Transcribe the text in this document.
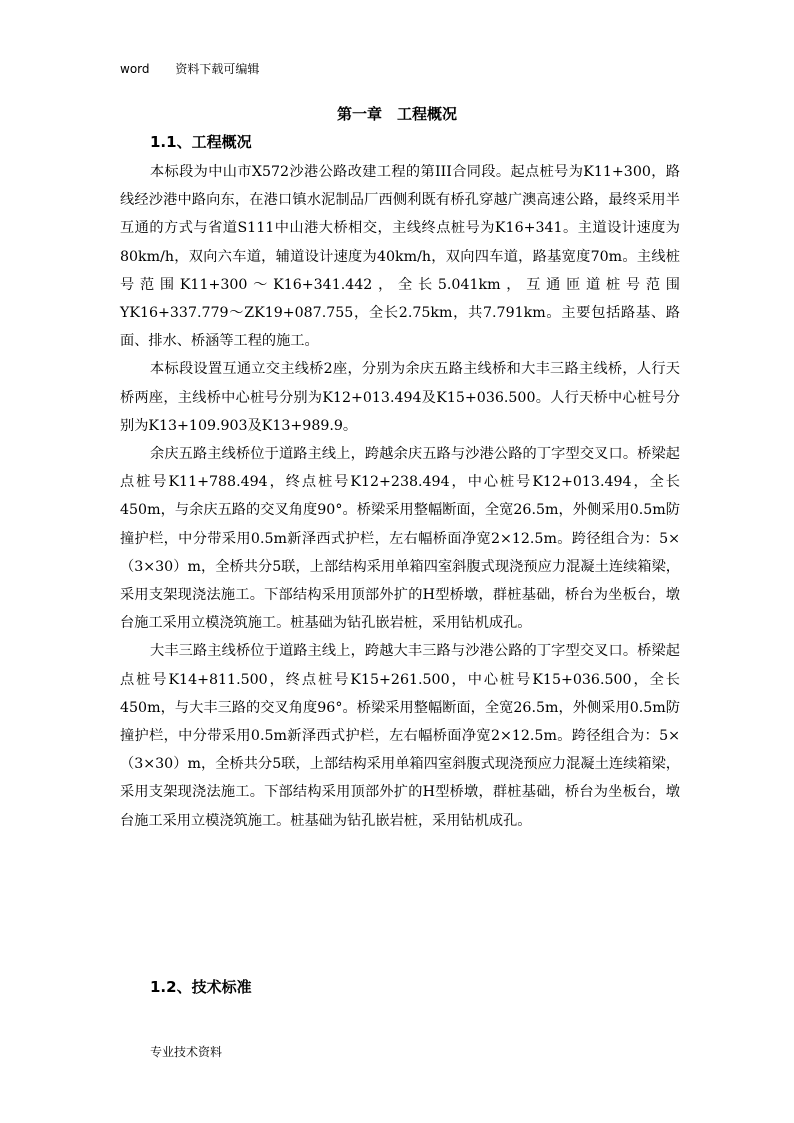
word 资料下载可编辑
第一章　工程概况
1.1、工程概况

本标段为中山市X572沙港公路改建工程的第III合同段。起点桩号为K11+300，路线经沙港中路向东，在港口镇水泥制品厂西侧利既有桥孔穿越广澳高速公路，最终采用半互通的方式与省道S111中山港大桥相交，主线终点桩号为K16+341。主道设计速度为80km/h，双向六车道，辅道设计速度为40km/h，双向四车道，路基宽度70m。主线桩号范围K11+300～K16+341.442，全长5.041km，互通匝道桩号范围YK16+337.779～ZK19+087.755，全长2.75km，共7.791km。主要包括路基、路面、排水、桥涵等工程的施工。

本标段设置互通立交主线桥2座，分别为余庆五路主线桥和大丰三路主线桥，人行天桥两座，主线桥中心桩号分别为K12+013.494及K15+036.500。人行天桥中心桩号分别为K13+109.903及K13+989.9。

余庆五路主线桥位于道路主线上，跨越余庆五路与沙港公路的丁字型交叉口。桥梁起点桩号K11+788.494，终点桩号K12+238.494，中心桩号K12+013.494，全长450m，与余庆五路的交叉角度90°。桥梁采用整幅断面，全宽26.5m，外侧采用0.5m防撞护栏，中分带采用0.5m新泽西式护栏，左右幅桥面净宽2×12.5m。跨径组合为：5×（3×30）m，全桥共分5联，上部结构采用单箱四室斜腹式现浇预应力混凝土连续箱梁，采用支架现浇法施工。下部结构采用顶部外扩的H型桥墩，群桩基础，桥台为坐板台，墩台施工采用立模浇筑施工。桩基础为钻孔嵌岩桩，采用钻机成孔。

大丰三路主线桥位于道路主线上，跨越大丰三路与沙港公路的丁字型交叉口。桥梁起点桩号K14+811.500，终点桩号K15+261.500，中心桩号K15+036.500，全长450m，与大丰三路的交叉角度96°。桥梁采用整幅断面，全宽26.5m，外侧采用0.5m防撞护栏，中分带采用0.5m新泽西式护栏，左右幅桥面净宽2×12.5m。跨径组合为：5×（3×30）m，全桥共分5联，上部结构采用单箱四室斜腹式现浇预应力混凝土连续箱梁，采用支架现浇法施工。下部结构采用顶部外扩的H型桥墩，群桩基础，桥台为坐板台，墩台施工采用立模浇筑施工。桩基础为钻孔嵌岩桩，采用钻机成孔。

1.2、技术标准
专业技术资料
